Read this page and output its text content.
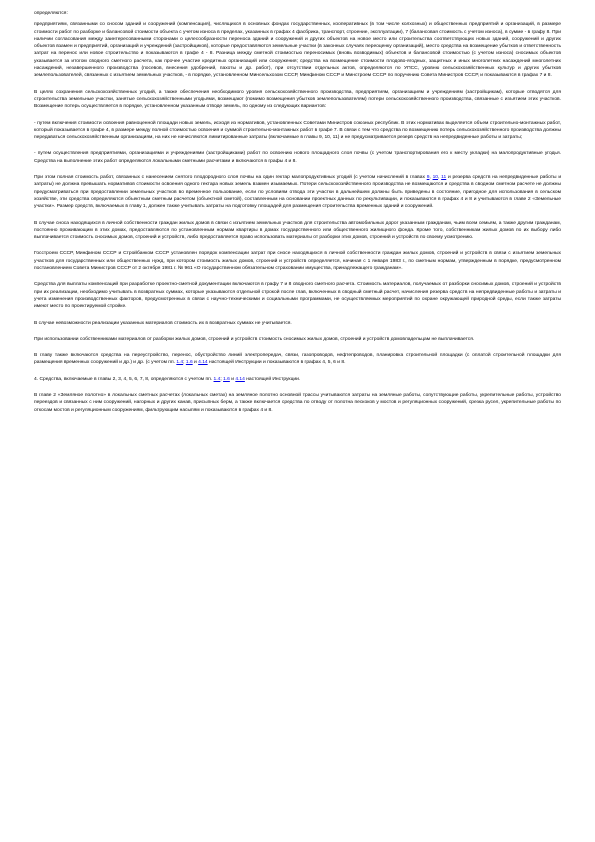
определяются:

предприятиям, связанными со сносом зданий и сооружений (компенсация), числящихся в основных фондах государственных, кооперативных (в том числе колхозных) и общественных предприятий и организаций, в размере стоимости работ по разборке и балансовой стоимости объекта с учетом износа в пределах, указанных в графах 4 фасбрика, транспорт, строение, эксплуатации), 7 (балансовая стоимость с учетом износа), в сумме - в графу 8. При наличии согласования между заинтересованными сторонами о целесообразности переноса зданий и сооружений и других объектов на новое место или строительства соответствующих новых зданий, сооружений и других объектов взамен и предприятий, организаций и учреждений (застройщиков), которые предоставляются земельные участки (в законных случаях переоценку организаций), место средства на возмещение убытков и ответственность затрат на перенос или новое строительство и показываются в графе 4 - 8. Разница между сметной стоимостью переносимых (вновь возводимых) объектов и балансовой стоимостью (с учетом износа) сносимых объектов указывается за итогом сводного сметного расчета, как прочее участие кредитных организаций или сооружения; средства на возмещение стоимости плодово-ягодных, защитных и иных многолетних насаждений многолетних насаждений, незавершенного производства (посевов, внесения удобрений, пахоты и др. работ), при отсутствии отдельных актов, определяются по УПСС, уровню сельскохозяйственных культур и других убытков землепользователей, связанных с изъятием земельных участков, - в порядке, установленном Минсельхозом СССР, Минфином СССР и Минстроем СССР по поручению Совета Министров СССР, и показываются в графах 7 и 8.

В целях сохранения сельскохозяйственных угодий, а также обеспечения необходимого уровня сельскохозяйственного производства, предприятиям, организациям и учреждениям (застройщикам), которые отводятся для строительства земельные участки, занятые сельскохозяйственными угодьями, возмещают (помимо возмещения убытков землепользователям) потери сельскохозяйственного производства, связанные с изъятием этих участков. Возмещение потерь осуществляется в порядке, установленном указанным отводе земель, по одному из следующих вариантов:

- путем включения стоимости освоения равноценной площади новых земель, исходя из нормативов, установленных Советами Министров союзных республик. В этих нормативах выделяется объем строительно-монтажных работ, который показывается в графе 4, в размере между полной стоимостью освоения и суммой строительно-монтажных работ в графе 7. В связи с тем что средства по возмещению потерь сельскохозяйственного производства должны передаваться сельскохозяйственным организациям, на них не начисляются лимитированные затраты (включаемые в главы 9, 10, 11) и не предусматривается резерв средств на непредвиденные работы и затраты;

- путем осуществления предприятиями, организациями и учреждениями (застройщиками) работ по освоению нового площадного слоя почвы (с учетом транспортирования его к месту укладки) на малопродуктивные угодья. Средства на выполнение этих работ определяются локальными сметными расчетами и включаются в графы 4 и 8.

При этом полная стоимость работ, связанных с нанесением снятого плодородного слоя почвы на один гектар малопродуктивных угодий (с учетом начислений в главах 9, 10, 11 и резерва средств на непредвиденные работы и затраты) не должна превышать нормативов стоимости освоения одного гектара новых земель взамен изымаемых. Потери сельскохозяйственного производства не возмещаются и средства в сводном сметном расчете не должны предусматриваться при предоставлении земельных участков во временное пользование, если по условиям отвода эти участки в дальнейшем должны быть приведены в состояние, пригодное для использования в сельском хозяйстве, эти средства определяются объектным сметным расчетом (объектной сметой), составленным на основании проектных данных по рекультивации, и показываются в графах 4 и 8 и учитываются в главе 2 «Земельные участки». Размер средств, включаемых в главу 1, должен также учитывать затраты на подготовку площадей для размещения строительства временных зданий и сооружений.

В случае сноса находящихся в личной собственности граждан жилых домов в связи с изъятием земельных участков для строительства автомобильных дорог указанным гражданам, чьим всем семьям, а также другим гражданам, постоянно проживающим в этих домах, предоставляются по установленным нормам квартиры в домах государственного или общественного жилищного фонда. Кроме того, собственникам жилых домов по их выбору либо выплачивается стоимость сносимых домов, строений и устройств, либо предоставляется право использовать материалы от разборки этих домов, строений и устройств по своему усмотрению.

Госстроем СССР, Минфином СССР и Стройбанком СССР установлен порядок компенсации затрат при сносе находящихся в личной собственности граждан жилых домов, строений и устройств в связи с изъятием земельных участков для государственных или общественных нужд, при котором стоимость жилых домов, строений и устройств определяется, начиная с 1 января 1983 г., по сметным нормам, утвержденным в порядке, предусмотренном постановлением Совета Министров СССР от 2 октября 1981 г. № 961 «О государственном обязательном страховании имущества, принадлежащего гражданам».

Средства для выплаты компенсаций при разработке проектно-сметной документации включаются в графу 7 и 8 сводного сметного расчета. Стоимость материалов, получаемых от разборки сносимых домов, строений и устройств при их реализации, необходимо учитывать в возвратных суммах, которые указываются отдельной строкой после глав, включенных в сводный сметный расчет, начисления резерва средств на непредвиденные работы и затраты и учета изменения производственных факторов, предусмотренных в связи с научно-техническими и социальными программами, не осуществляемых мероприятий по охране окружающей природной среды, если также затраты имеют место по проектируемой стройке.

В случае невозможности реализации указанных материалов стоимость их в возвратных суммах не учитывается.

При использовании собственниками материалов от разборки жилых домов, строений и устройств стоимость сносимых жилых домов, строений и устройств домовладельцам не выплачивается.

В главу также включаются средства на переустройство, перенос, обустройство линий электропередач, связи, газопроводов, нефтепроводов, планировка строительной площадки (с оплатой строительной площадки для размещения временных сооружений и др.) и др. (с учетом пп. 1.4; 1.6 и 4.14 настоящей Инструкции и показываются в графах 4, 5, 6 и 8.

4. Средства, включаемые в главы 2, 3, 4, 5, 6, 7, 8, определяются с учетом пп. 1.4; 1.6 и 4.14 настоящей Инструкции.

В главе 2 «Земляное полотно» в локальных сметных расчетах (локальных сметах) на земляное полотно основной трассы учитываются затраты на земляные работы, сопутствующие работы, укрепительные работы, устройство переездов и связанных с ним сооружений, нагорных и других канав, присыпных берм, а также включается средства по отводу от полотна пескоков у мостов и регуляционных сооружений, срезка русел, укрепительные работы по откосам мостов и регуляционным сооружениям, фильтрующим насыпям и показываются в графах 4 и 8.
